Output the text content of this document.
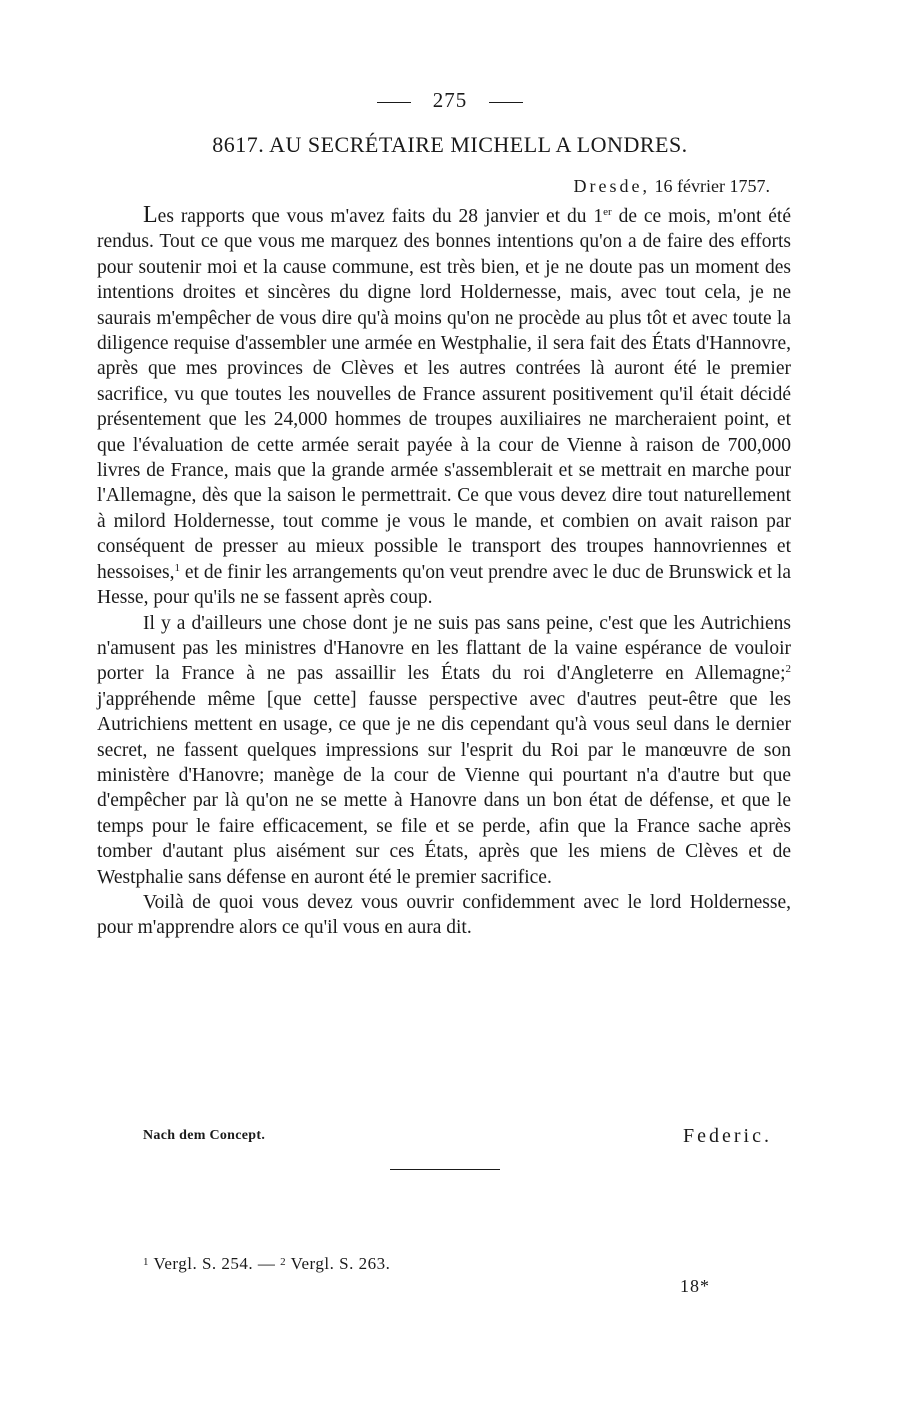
275
8617. AU SECRÉTAIRE MICHELL A LONDRES.
Dresde, 16 février 1757.

Les rapports que vous m'avez faits du 28 janvier et du 1er de ce mois, m'ont été rendus. Tout ce que vous me marquez des bonnes intentions qu'on a de faire des efforts pour soutenir moi et la cause commune, est très bien, et je ne doute pas un moment des intentions droites et sincères du digne lord Holdernesse, mais, avec tout cela, je ne saurais m'empêcher de vous dire qu'à moins qu'on ne procède au plus tôt et avec toute la diligence requise d'assembler une armée en Westphalie, il sera fait des États d'Hannovre, après que mes provinces de Clèves et les autres contrées là auront été le premier sacrifice, vu que toutes les nouvelles de France assurent positivement qu'il était décidé présentement que les 24,000 hommes de troupes auxiliaires ne marcheraient point, et que l'évaluation de cette armée serait payée à la cour de Vienne à raison de 700,000 livres de France, mais que la grande armée s'assemblerait et se mettrait en marche pour l'Allemagne, dès que la saison le permettrait. Ce que vous devez dire tout naturellement à milord Holdernesse, tout comme je vous le mande, et combien on avait raison par conséquent de presser au mieux possible le transport des troupes hannovriennes et hessoises,$^1$ et de finir les arrangements qu'on veut prendre avec le duc de Brunswick et la Hesse, pour qu'ils ne se fassent après coup.

Il y a d'ailleurs une chose dont je ne suis pas sans peine, c'est que les Autrichiens n'amusent pas les ministres d'Hanovre en les flattant de la vaine espérance de vouloir porter la France à ne pas assaillir les États du roi d'Angleterre en Allemagne;$^2$ j'appréhende même [que cette] fausse perspective avec d'autres peut-être que les Autrichiens mettent en usage, ce que je ne dis cependant qu'à vous seul dans le dernier secret, ne fassent quelques impressions sur l'esprit du Roi par le manœuvre de son ministère d'Hanovre; manège de la cour de Vienne qui pourtant n'a d'autre but que d'empêcher par là qu'on ne se mette à Hanovre dans un bon état de défense, et que le temps pour le faire efficacement, se file et se perde, afin que la France sache après tomber d'autant plus aisément sur ces États, après que les miens de Clèves et de Westphalie sans défense en auront été le premier sacrifice.

Voilà de quoi vous devez vous ouvrir confidemment avec le lord Holdernesse, pour m'apprendre alors ce qu'il vous en aura dit.

Nach dem Concept.	Federic.
$^1$ Vergl. S. 254. — $^2$ Vergl. S. 263.
18*
